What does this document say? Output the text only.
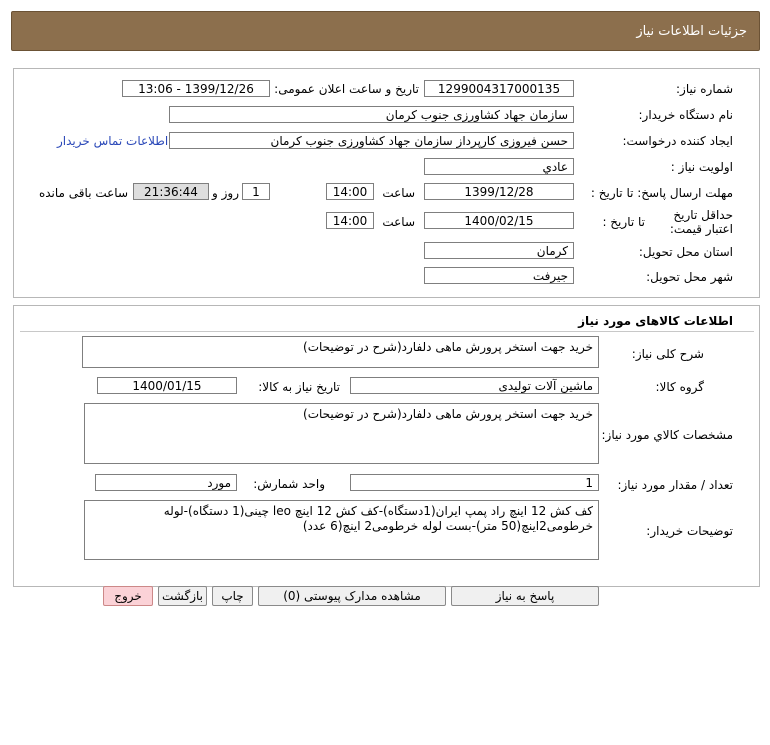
جزئیات اطلاعات نیاز
شماره نیاز:
1299004317000135
تاریخ و ساعت اعلان عمومی:
1399/12/26 - 13:06
نام دستگاه خریدار:
سازمان جهاد کشاورزی جنوب کرمان
ایجاد کننده درخواست:
حسن فیروزی کارپرداز سازمان جهاد کشاورزی جنوب کرمان
اطلاعات تماس خریدار
اولویت نیاز :
عادي
مهلت ارسال پاسخ: تا تاریخ :
1399/12/28
ساعت
14:00
1
روز و
21:36:44
ساعت باقی مانده
حداقل تاریخ اعتبار قیمت:
تا تاریخ :
1400/02/15
ساعت
14:00
استان محل تحویل:
کرمان
شهر محل تحویل:
جيرفت
اطلاعات کالاهای مورد نیاز
شرح کلی نیاز:
خرید جهت استخر پرورش ماهی دلفارد(شرح در توضیحات)
گروه کالا:
ماشین آلات تولیدی
تاریخ نیاز به کالا:
1400/01/15
مشخصات کالاي مورد نیاز:
خرید جهت استخر پرورش ماهی دلفارد(شرح در توضیحات)
تعداد / مقدار مورد نیاز:
1
واحد شمارش:
مورد
توضیحات خریدار:
کف کش 12 اینچ راد پمپ ایران(1دستگاه)-کف کش 12 اینچ leo چینی(1 دستگاه)-لوله خرطومی2اینچ(50 متر)-بست لوله خرطومی2 اینچ(6 عدد)
پاسخ به نیاز
مشاهده مدارک پیوستی (0)
چاپ
بازگشت
خروج
